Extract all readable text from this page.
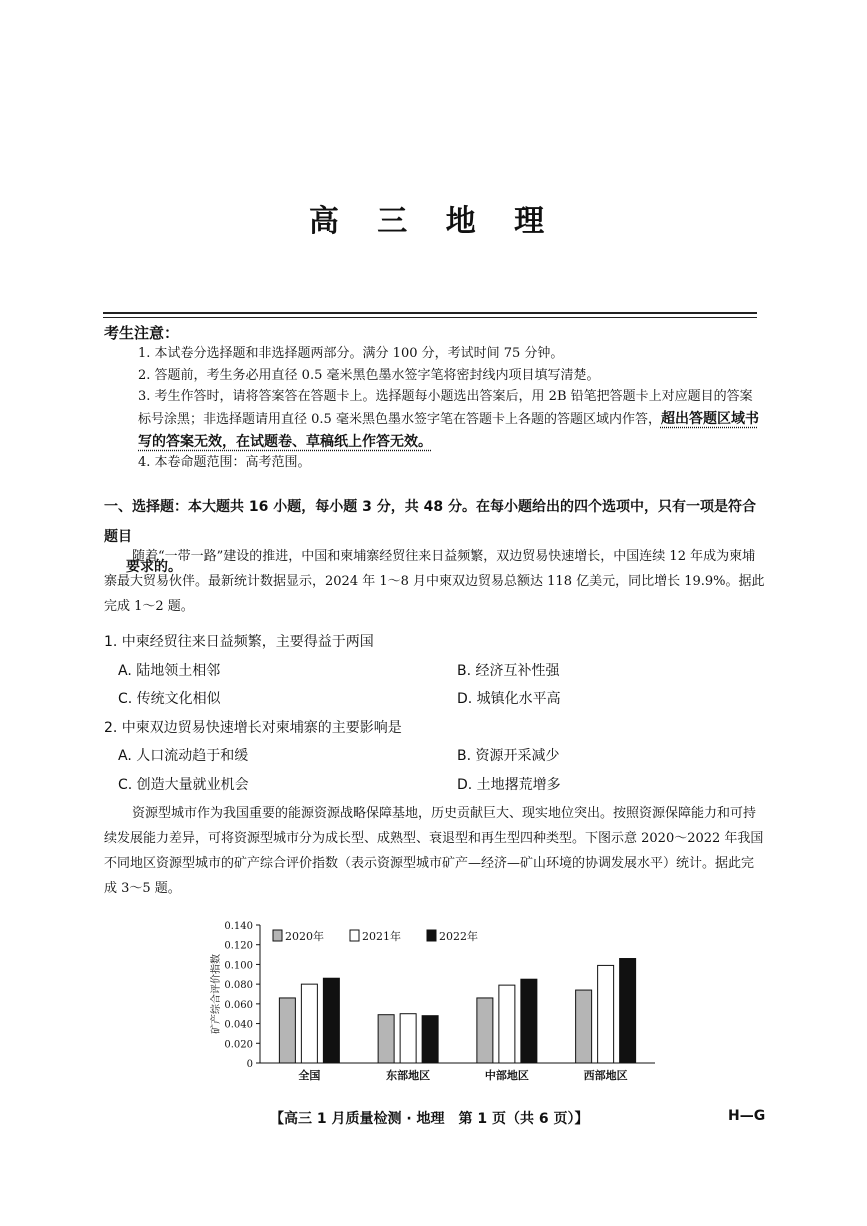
高 三 地 理
考生注意：
1. 本试卷分选择题和非选择题两部分。满分 100 分，考试时间 75 分钟。
2. 答题前，考生务必用直径 0.5 毫米黑色墨水签字笔将密封线内项目填写清楚。
3. 考生作答时，请将答案答在答题卡上。选择题每小题选出答案后，用 2B 铅笔把答题卡上对应题目的答案标号涂黑；非选择题请用直径 0.5 毫米黑色墨水签字笔在答题卡上各题的答题区域内作答，超出答题区域书写的答案无效，在试题卷、草稿纸上作答无效。
4. 本卷命题范围：高考范围。
一、选择题：本大题共 16 小题，每小题 3 分，共 48 分。在每小题给出的四个选项中，只有一项是符合题目
要求的。
随着“一带一路”建设的推进，中国和柬埔寨经贸往来日益频繁，双边贸易快速增长，中国连续 12 年成为柬埔寨最大贸易伙伴。最新统计数据显示，2024 年 1～8 月中柬双边贸易总额达 118 亿美元，同比增长 19.9%。据此完成 1～2 题。
1. 中柬经贸往来日益频繁，主要得益于两国
A. 陆地领土相邻	B. 经济互补性强
C. 传统文化相似	D. 城镇化水平高
2. 中柬双边贸易快速增长对柬埔寨的主要影响是
A. 人口流动趋于和缓	B. 资源开采减少
C. 创造大量就业机会	D. 土地撂荒增多
资源型城市作为我国重要的能源资源战略保障基地，历史贡献巨大、现实地位突出。按照资源保障能力和可持续发展能力差异，可将资源型城市分为成长型、成熟型、衰退型和再生型四种类型。下图示意 2020～2022 年我国不同地区资源型城市的矿产综合评价指数（表示资源型城市矿产—经济—矿山环境的协调发展水平）统计。据此完成 3～5 题。
0
0.020
0.040
0.060
0.080
0.100
0.120
0.140
矿产综合评价指数
全国	东部地区	中部地区	西部地区
2020年	2021年	2022年
【高三 1 月质量检测 · 地理　第 1 页（共 6 页）】	H—G
